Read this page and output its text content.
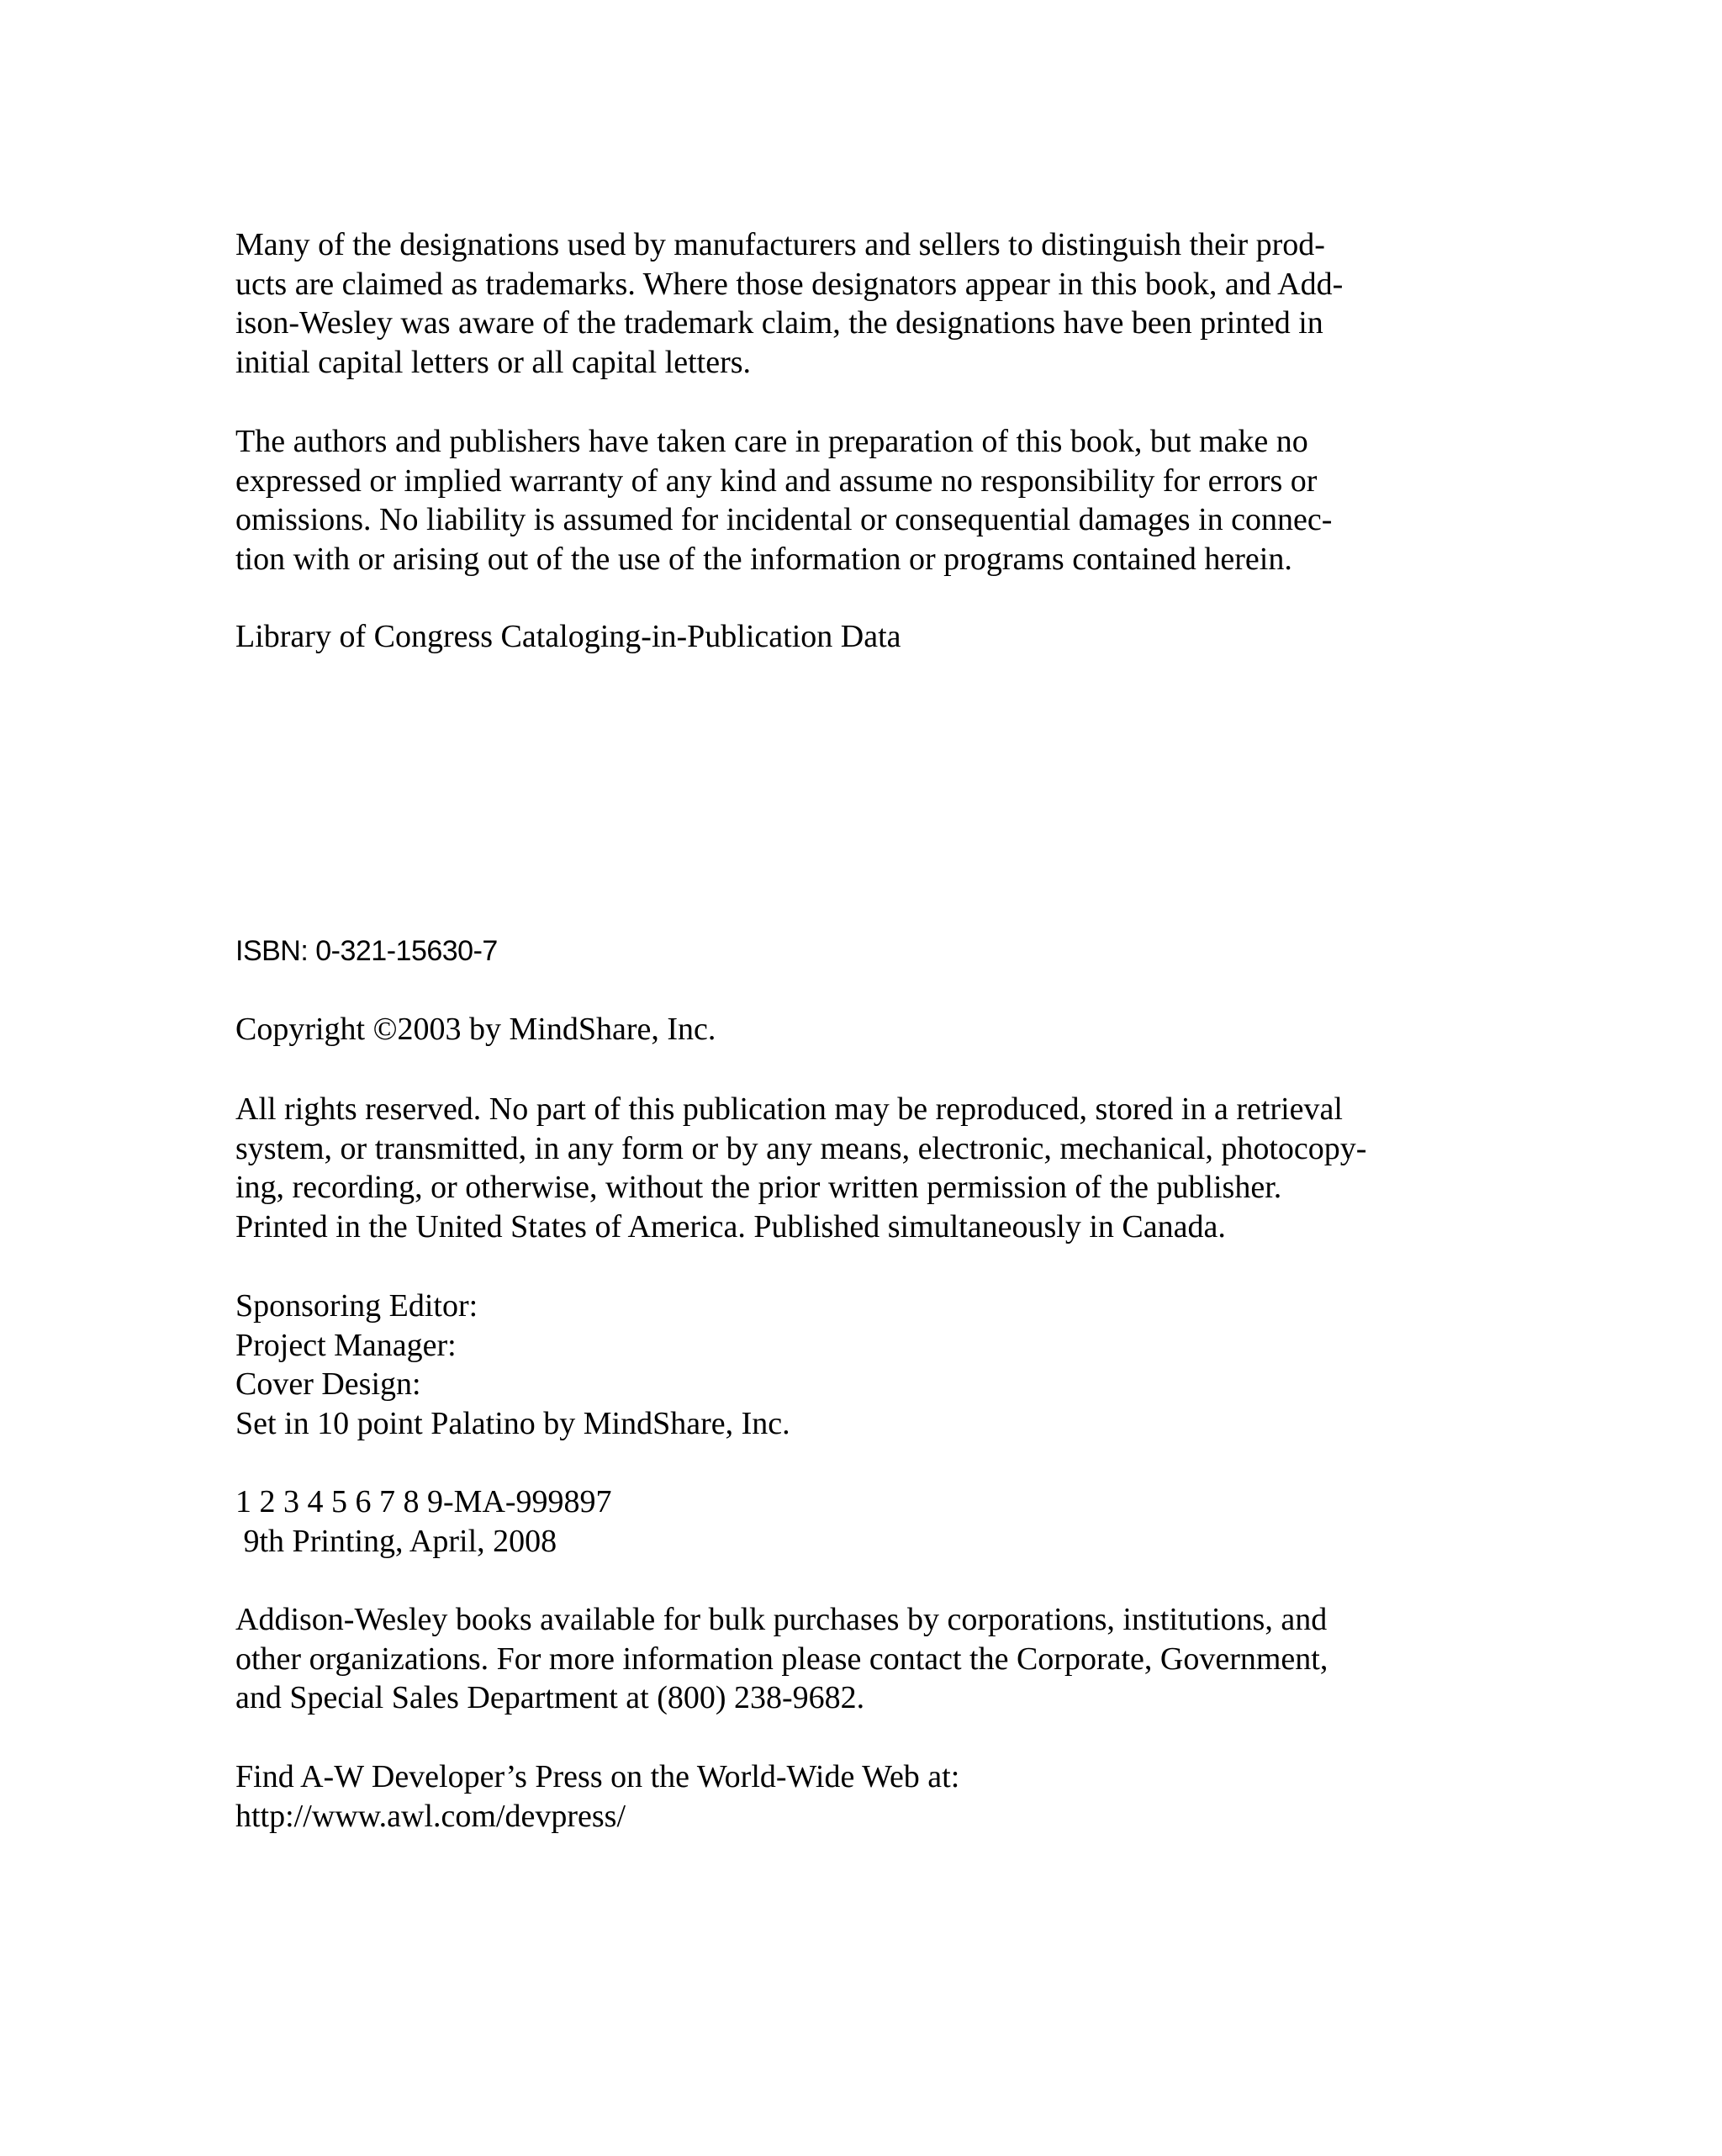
Many of the designations used by manufacturers and sellers to distinguish their prod-
ucts are claimed as trademarks. Where those designators appear in this book, and Add-
ison-Wesley was aware of the trademark claim, the designations have been printed in
initial capital letters or all capital letters.

The authors and publishers have taken care in preparation of this book, but make no
expressed or implied warranty of any kind and assume no responsibility for errors or
omissions. No liability is assumed for incidental or consequential damages in connec-
tion with or arising out of the use of the information or programs contained herein.

Library of Congress Cataloging-in-Publication Data

ISBN: 0-321-15630-7

Copyright ©2003 by MindShare, Inc.

All rights reserved. No part of this publication may be reproduced, stored in a retrieval
system, or transmitted, in any form or by any means, electronic, mechanical, photocopy-
ing, recording, or otherwise, without the prior written permission of the publisher.
Printed in the United States of America. Published simultaneously in Canada.

Sponsoring Editor:
Project Manager:
Cover Design:
Set in 10 point Palatino by MindShare, Inc.

1 2 3 4 5 6 7 8 9-MA-999897
9th Printing, April, 2008

Addison-Wesley books available for bulk purchases by corporations, institutions, and
other organizations. For more information please contact the Corporate, Government,
and Special Sales Department at (800) 238-9682.

Find A-W Developer’s Press on the World-Wide Web at:
http://www.awl.com/devpress/
